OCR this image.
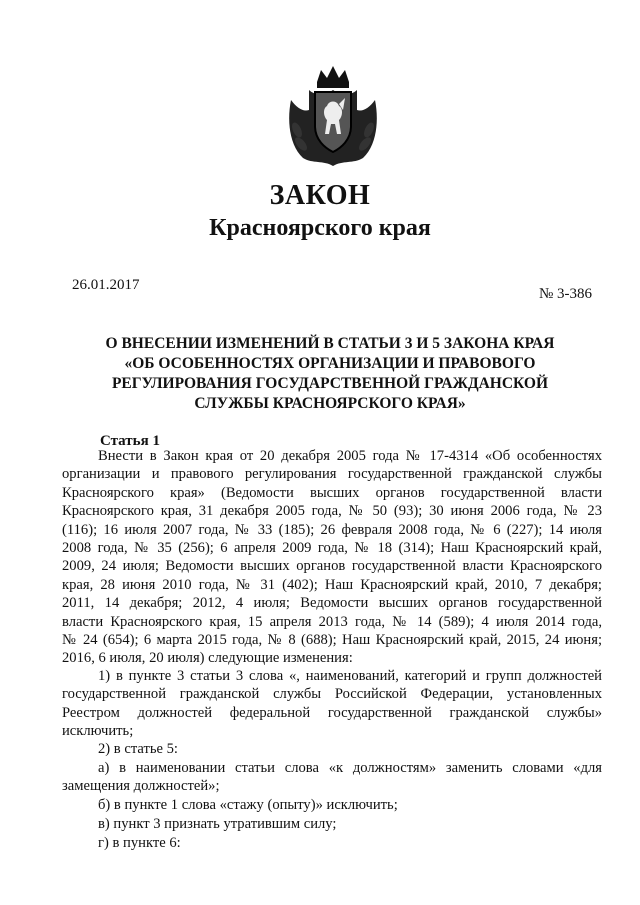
ЗАКОН
Красноярского края
26.01.2017
№ 3-386
О ВНЕСЕНИИ ИЗМЕНЕНИЙ В СТАТЬИ 3 И 5 ЗАКОНА КРАЯ
«ОБ ОСОБЕННОСТЯХ ОРГАНИЗАЦИИ И ПРАВОВОГО
РЕГУЛИРОВАНИЯ ГОСУДАРСТВЕННОЙ ГРАЖДАНСКОЙ
СЛУЖБЫ КРАСНОЯРСКОГО КРАЯ»
Статья 1
Внести в Закон края от 20 декабря 2005 года № 17-4314 «Об особенностях
организации и правового регулирования государственной гражданской службы
Красноярского края» (Ведомости высших органов государственной власти
Красноярского края, 31 декабря 2005 года, № 50 (93); 30 июня 2006 года, № 23
(116); 16 июля 2007 года, № 33 (185); 26 февраля 2008 года, № 6 (227); 14 июля
2008 года, № 35 (256); 6 апреля 2009 года, № 18 (314); Наш Красноярский край,
2009, 24 июля; Ведомости высших органов государственной власти Красноярского
края, 28 июня 2010 года, № 31 (402); Наш Красноярский край, 2010, 7 декабря;
2011, 14 декабря; 2012, 4 июля; Ведомости высших органов государственной
власти Красноярского края, 15 апреля 2013 года, № 14 (589); 4 июля 2014 года,
№ 24 (654); 6 марта 2015 года, № 8 (688); Наш Красноярский край, 2015, 24 июня;
2016, 6 июля, 20 июля) следующие изменения:
1) в пункте 3 статьи 3 слова «, наименований, категорий и групп должностей
государственной гражданской службы Российской Федерации, установленных
Реестром должностей федеральной государственной гражданской службы»
исключить;
2) в статье 5:
а) в наименовании статьи слова «к должностям» заменить словами «для
замещения должностей»;
б) в пункте 1 слова «стажу (опыту)» исключить;
в) пункт 3 признать утратившим силу;
г) в пункте 6:
